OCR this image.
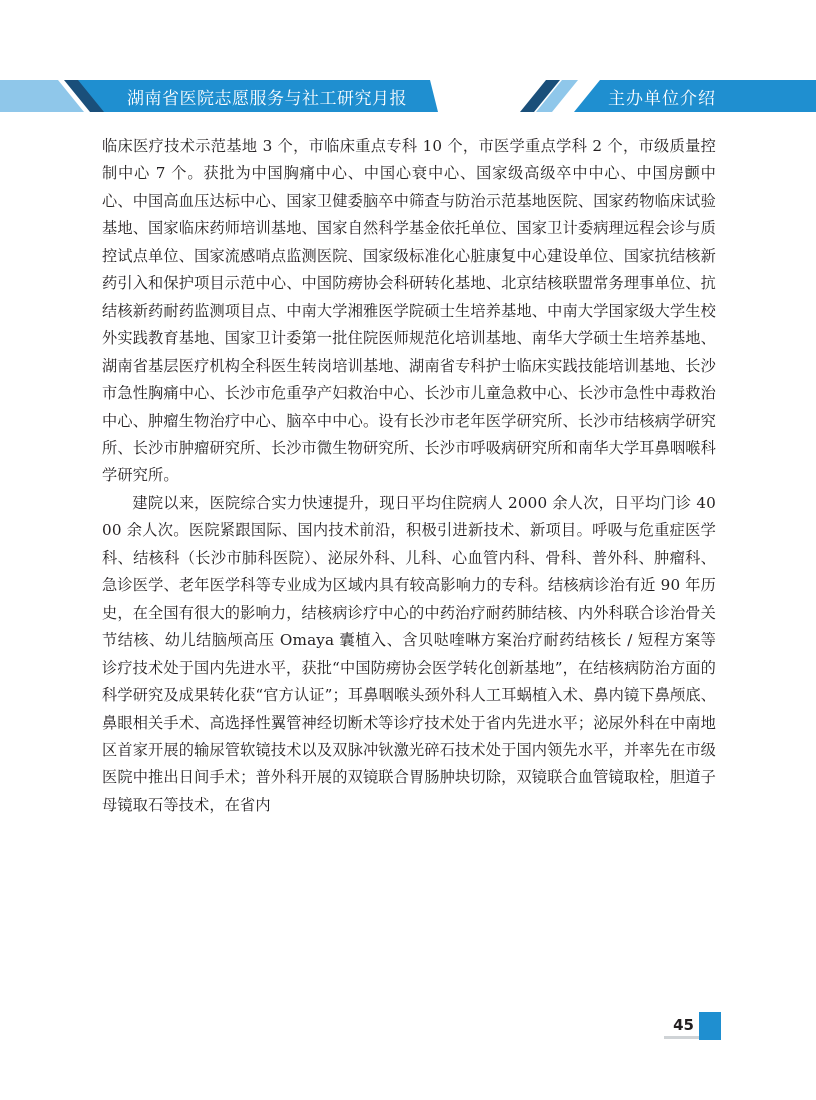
湖南省医院志愿服务与社工研究月报	主办单位介绍

临床医疗技术示范基地 3 个，市临床重点专科 10 个，市医学重点学科 2 个，市级质量控制中心 7 个。获批为中国胸痛中心、中国心衰中心、国家级高级卒中中心、中国房颤中心、中国高血压达标中心、国家卫健委脑卒中筛查与防治示范基地医院、国家药物临床试验基地、国家临床药师培训基地、国家自然科学基金依托单位、国家卫计委病理远程会诊与质控试点单位、国家流感哨点监测医院、国家级标准化心脏康复中心建设单位、国家抗结核新药引入和保护项目示范中心、中国防痨协会科研转化基地、北京结核联盟常务理事单位、抗结核新药耐药监测项目点、中南大学湘雅医学院硕士生培养基地、中南大学国家级大学生校外实践教育基地、国家卫计委第一批住院医师规范化培训基地、南华大学硕士生培养基地、湖南省基层医疗机构全科医生转岗培训基地、湖南省专科护士临床实践技能培训基地、长沙市急性胸痛中心、长沙市危重孕产妇救治中心、长沙市儿童急救中心、长沙市急性中毒救治中心、肿瘤生物治疗中心、脑卒中中心。设有长沙市老年医学研究所、长沙市结核病学研究所、长沙市肿瘤研究所、长沙市微生物研究所、长沙市呼吸病研究所和南华大学耳鼻咽喉科学研究所。

建院以来，医院综合实力快速提升，现日平均住院病人 2000 余人次，日平均门诊 4000 余人次。医院紧跟国际、国内技术前沿，积极引进新技术、新项目。呼吸与危重症医学科、结核科（长沙市肺科医院）、泌尿外科、儿科、心血管内科、骨科、普外科、肿瘤科、急诊医学、老年医学科等专业成为区域内具有较高影响力的专科。结核病诊治有近 90 年历史，在全国有很大的影响力，结核病诊疗中心的中药治疗耐药肺结核、内外科联合诊治骨关节结核、幼儿结脑颅高压 Omaya 囊植入、含贝哒喹啉方案治疗耐药结核长 / 短程方案等诊疗技术处于国内先进水平，获批“中国防痨协会医学转化创新基地”，在结核病防治方面的科学研究及成果转化获“官方认证”；耳鼻咽喉头颈外科人工耳蜗植入术、鼻内镜下鼻颅底、鼻眼相关手术、高选择性翼管神经切断术等诊疗技术处于省内先进水平；泌尿外科在中南地区首家开展的输尿管软镜技术以及双脉冲钬激光碎石技术处于国内领先水平，并率先在市级医院中推出日间手术；普外科开展的双镜联合胃肠肿块切除，双镜联合血管镜取栓，胆道子母镜取石等技术，在省内

45
